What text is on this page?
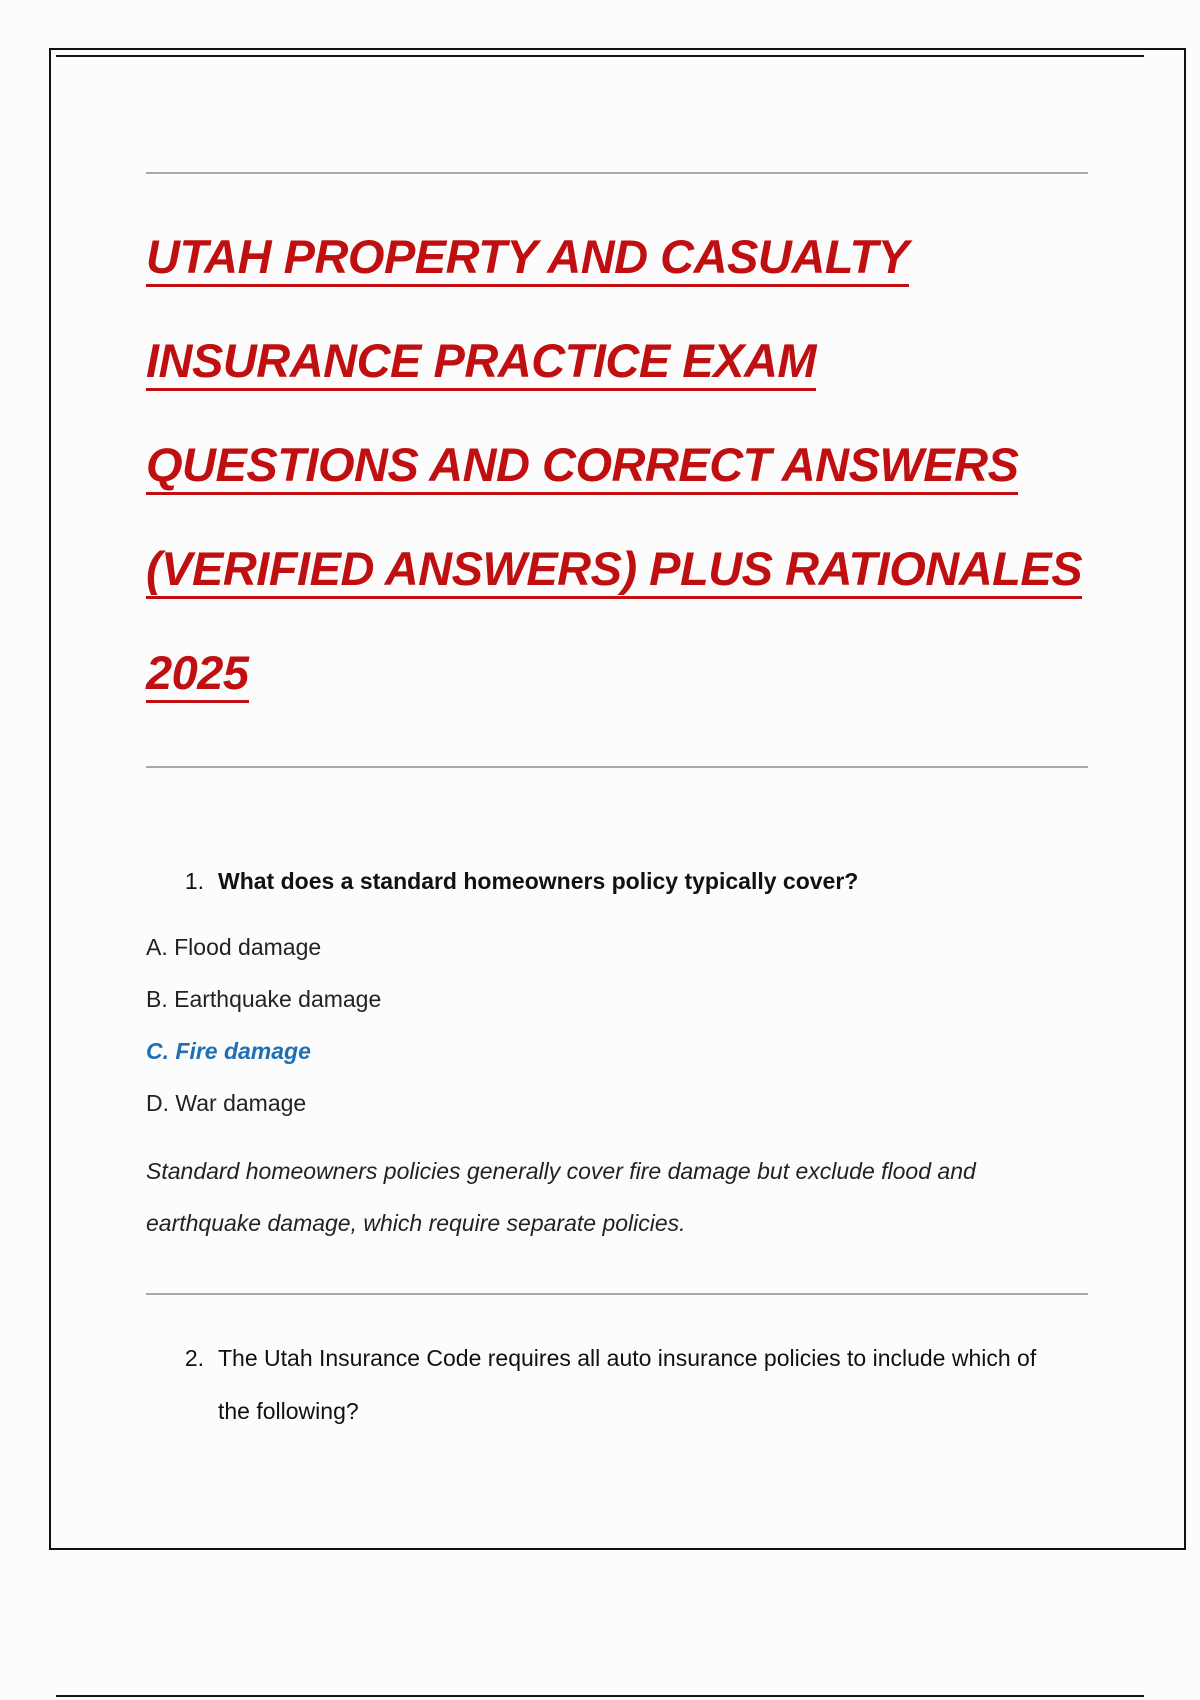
UTAH PROPERTY AND CASUALTY
INSURANCE PRACTICE EXAM
QUESTIONS AND CORRECT ANSWERS
(VERIFIED ANSWERS) PLUS RATIONALES
2025
1. What does a standard homeowners policy typically cover?
A. Flood damage
B. Earthquake damage
C. Fire damage
D. War damage

Standard homeowners policies generally cover fire damage but exclude flood and earthquake damage, which require separate policies.

2. The Utah Insurance Code requires all auto insurance policies to include which of the following?
